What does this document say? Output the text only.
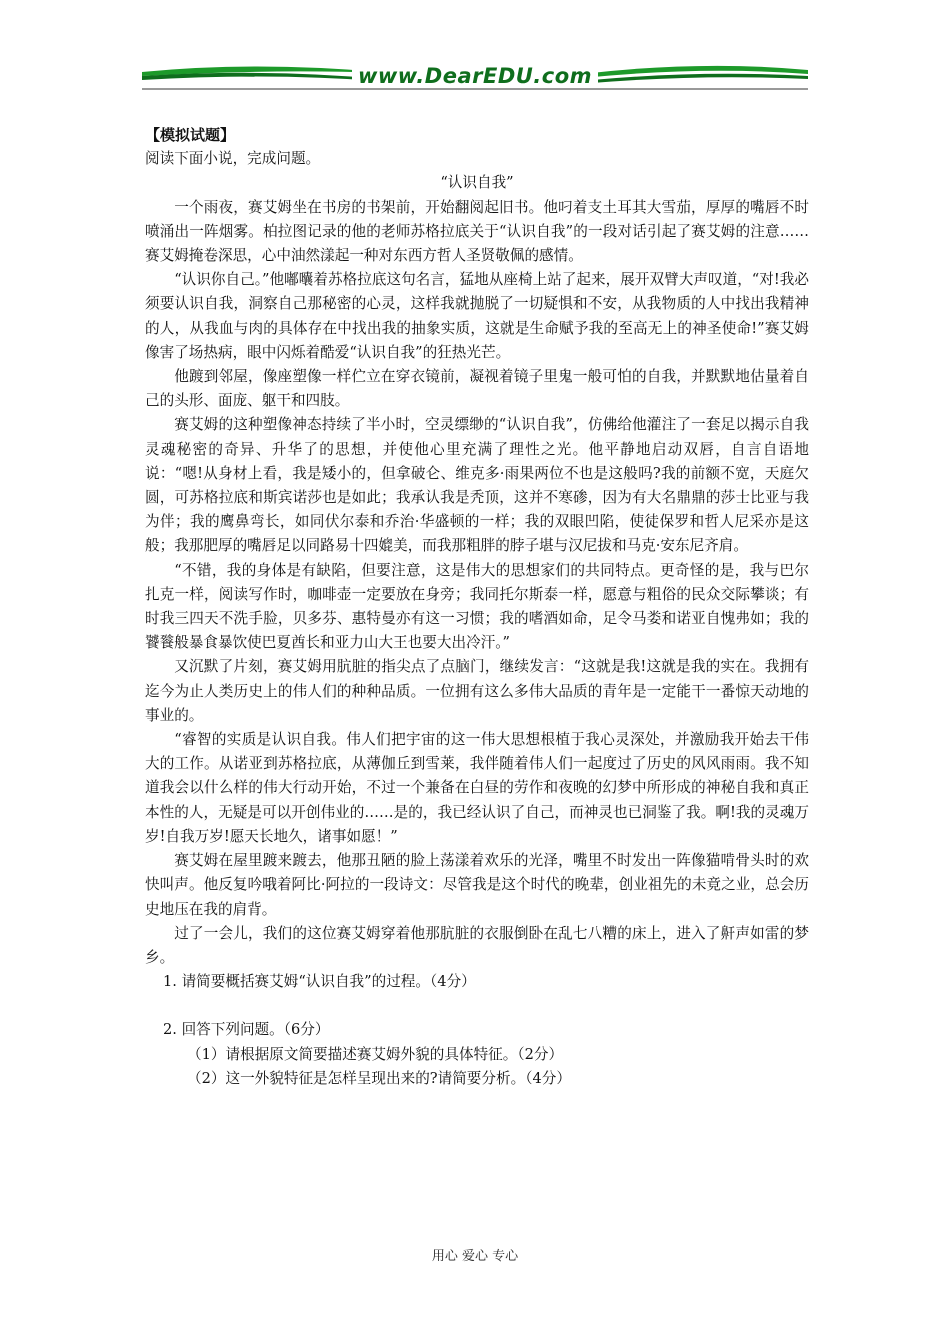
www.DearEDU.com
【模拟试题】

阅读下面小说，完成问题。

“认识自我”

一个雨夜，赛艾姆坐在书房的书架前，开始翻阅起旧书。他叼着支土耳其大雪茄，厚厚的嘴唇不时喷涌出一阵烟雾。柏拉图记录的他的老师苏格拉底关于“认识自我”的一段对话引起了赛艾姆的注意……赛艾姆掩卷深思，心中油然漾起一种对东西方哲人圣贤敬佩的感情。

“认识你自己。”他嘟囔着苏格拉底这句名言，猛地从座椅上站了起来，展开双臂大声叹道，“对!我必须要认识自我，洞察自己那秘密的心灵，这样我就抛脱了一切疑惧和不安，从我物质的人中找出我精神的人，从我血与肉的具体存在中找出我的抽象实质，这就是生命赋予我的至高无上的神圣使命!”赛艾姆像害了场热病，眼中闪烁着酷爱“认识自我”的狂热光芒。

他踱到邻屋，像座塑像一样伫立在穿衣镜前，凝视着镜子里鬼一般可怕的自我，并默默地估量着自己的头形、面庞、躯干和四肢。

赛艾姆的这种塑像神态持续了半小时，空灵缥缈的“认识自我”，仿佛给他灌注了一套足以揭示自我灵魂秘密的奇异、升华了的思想，并使他心里充满了理性之光。他平静地启动双唇，自言自语地说：“嗯!从身材上看，我是矮小的，但拿破仑、维克多·雨果两位不也是这般吗?我的前额不宽，天庭欠圆，可苏格拉底和斯宾诺莎也是如此；我承认我是秃顶，这并不寒碜，因为有大名鼎鼎的莎士比亚与我为伴；我的鹰鼻弯长，如同伏尔泰和乔治·华盛顿的一样；我的双眼凹陷，使徒保罗和哲人尼采亦是这般；我那肥厚的嘴唇足以同路易十四媲美，而我那粗胖的脖子堪与汉尼拔和马克·安东尼齐肩。

“不错，我的身体是有缺陷，但要注意，这是伟大的思想家们的共同特点。更奇怪的是，我与巴尔扎克一样，阅读写作时，咖啡壶一定要放在身旁；我同托尔斯泰一样，愿意与粗俗的民众交际攀谈；有时我三四天不洗手脸，贝多芬、惠特曼亦有这一习惯；我的嗜酒如命，足令马娄和诺亚自愧弗如；我的饕餮般暴食暴饮使巴夏酋长和亚力山大王也要大出冷汗。”

又沉默了片刻，赛艾姆用肮脏的指尖点了点脑门，继续发言：“这就是我!这就是我的实在。我拥有迄今为止人类历史上的伟人们的种种品质。一位拥有这么多伟大品质的青年是一定能干一番惊天动地的事业的。

“睿智的实质是认识自我。伟人们把宇宙的这一伟大思想根植于我心灵深处，并激励我开始去干伟大的工作。从诺亚到苏格拉底，从薄伽丘到雪莱，我伴随着伟人们一起度过了历史的风风雨雨。我不知道我会以什么样的伟大行动开始，不过一个兼备在白昼的劳作和夜晚的幻梦中所形成的神秘自我和真正本性的人，无疑是可以开创伟业的……是的，我已经认识了自己，而神灵也已洞鉴了我。啊!我的灵魂万岁!自我万岁!愿天长地久，诸事如愿！”

赛艾姆在屋里踱来踱去，他那丑陋的脸上荡漾着欢乐的光泽，嘴里不时发出一阵像猫啃骨头时的欢快叫声。他反复吟哦着阿比·阿拉的一段诗文：尽管我是这个时代的晚辈，创业祖先的未竟之业，总会历史地压在我的肩背。

过了一会儿，我们的这位赛艾姆穿着他那肮脏的衣服倒卧在乱七八糟的床上，进入了鼾声如雷的梦乡。

1. 请简要概括赛艾姆“认识自我”的过程。（4分）

2. 回答下列问题。（6分）

（1）请根据原文简要描述赛艾姆外貌的具体特征。（2分）

（2）这一外貌特征是怎样呈现出来的?请简要分析。（4分）

用心 爱心 专心
